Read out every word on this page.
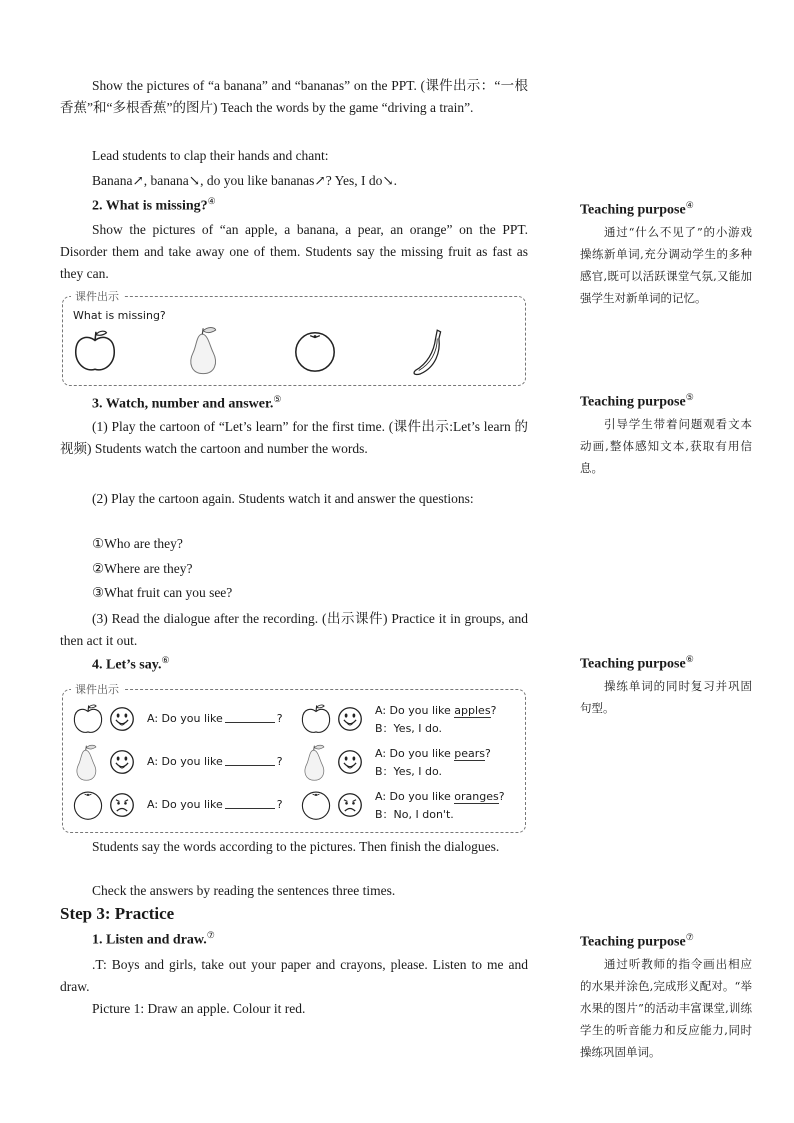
Show the pictures of “a banana” and “bananas” on the PPT. (课件出示：“一根香蕉”和“多根香蕉”的图片) Teach the words by the game “driving a train”.
Lead students to clap their hands and chant:
Banana↗, banana↘, do you like bananas↗? Yes, I do↘.
2. What is missing?④
Show the pictures of “an apple, a banana, a pear, an orange” on the PPT. Disorder them and take away one of them. Students say the missing fruit as fast as they can.
课件出示
What is missing?
3. Watch, number and answer.⑤
(1) Play the cartoon of “Let’s learn” for the first time. (课件出示:Let’s learn 的视频) Students watch the cartoon and number the words.
(2) Play the cartoon again. Students watch it and answer the questions:
①Who are they?
②Where are they?
③What fruit can you see?
(3) Read the dialogue after the recording. (出示课件) Practice it in groups, and then act it out.
4. Let’s say.⑥
课件出示
A: Do you like	?
A: Do you like apples?
B：Yes, I do.
A: Do you like	?
A: Do you like pears?
B：Yes, I do.
A: Do you like	?
A: Do you like oranges?
B：No, I don't.
Students say the words according to the pictures. Then finish the dialogues.
Check the answers by reading the sentences three times.
Step 3: Practice
1. Listen and draw.⑦
.T: Boys and girls, take out your paper and crayons, please. Listen to me and draw.
Picture 1: Draw an apple. Colour it red.
Teaching purpose④
通过“什么不见了”的小游戏操练新单词,充分调动学生的多种感官,既可以活跃课堂气氛,又能加强学生对新单词的记忆。
Teaching purpose⑤
引导学生带着问题观看文本动画,整体感知文本,获取有用信息。
Teaching purpose⑥
操练单词的同时复习并巩固句型。
Teaching purpose⑦
通过听教师的指令画出相应的水果并涂色,完成形义配对。“举水果的图片”的活动丰富课堂,训练学生的听音能力和反应能力,同时操练巩固单词。
